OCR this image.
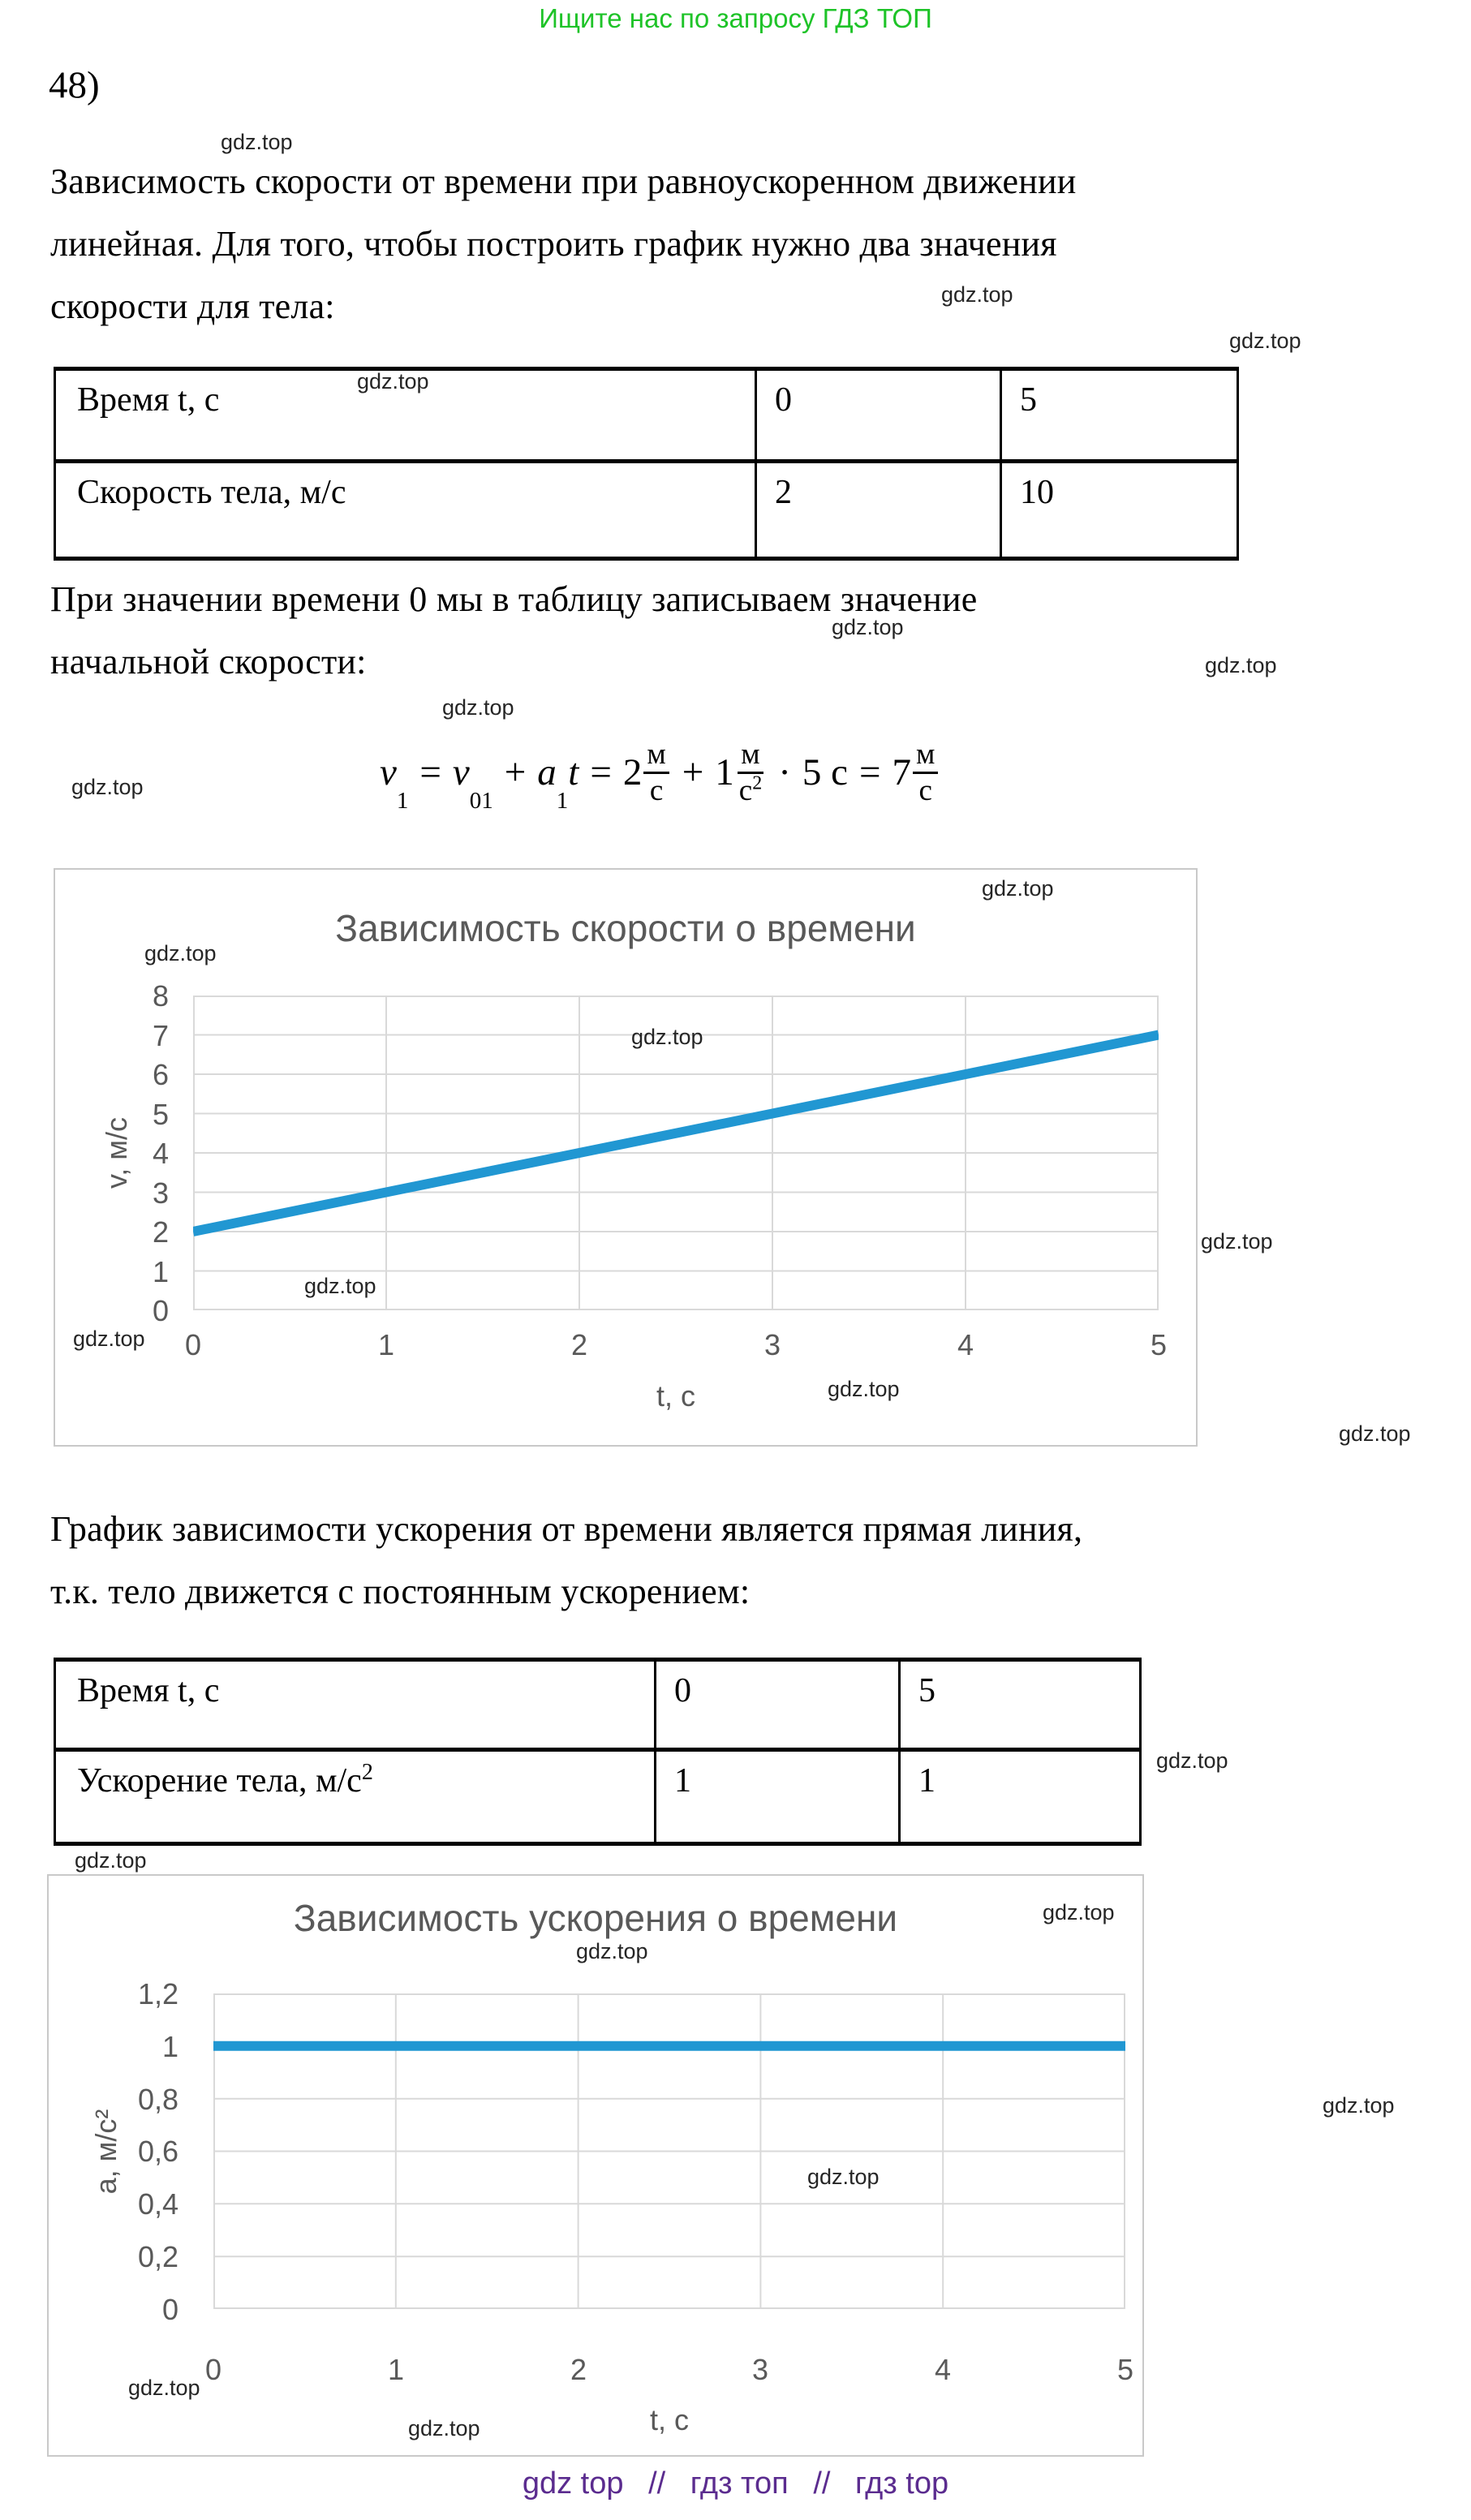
Ищите нас по запросу ГДЗ ТОП
48)
Зависимость скорости от времени при равноускоренном движении
линейная. Для того, чтобы построить график нужно два значения
скорости для тела:
Время t, с	0	5
Скорость тела, м/с	2	10
При значении времени 0 мы в таблицу записываем значение
начальной скорости:
v
1
= v
01
+ a
1
$t = 2 \frac{м}{с} + 1 \frac{м}{с^2} \cdot 5$ $с = 7 \frac{м}{с}$
Зависимость скорости о времени
8
7
6
5
4
3
2
1
0
0	1	2	3	4	5
v, м/с
t, с
График зависимости ускорения от времени является прямая линия,
т.к. тело движется с постоянным ускорением:
Время t, с	0	5
Ускорение тела, $м/с^2$	1	1
Зависимость ускорения о времени
1,2
1
0,8
0,6
0,4
0,2
0
0	1	2	3	4	5
а, м/с²
t, с
gdz.top
gdz.top
gdz.top
gdz.top
gdz.top
gdz.top
gdz.top
gdz.top
gdz.top
gdz.top
gdz.top
gdz.top
gdz.top
gdz.top
gdz.top
gdz.top
gdz.top
gdz.top
gdz.top
gdz.top
gdz.top
gdz.top
gdz.top
gdz.top
gdz top // гдз топ // гдз top
